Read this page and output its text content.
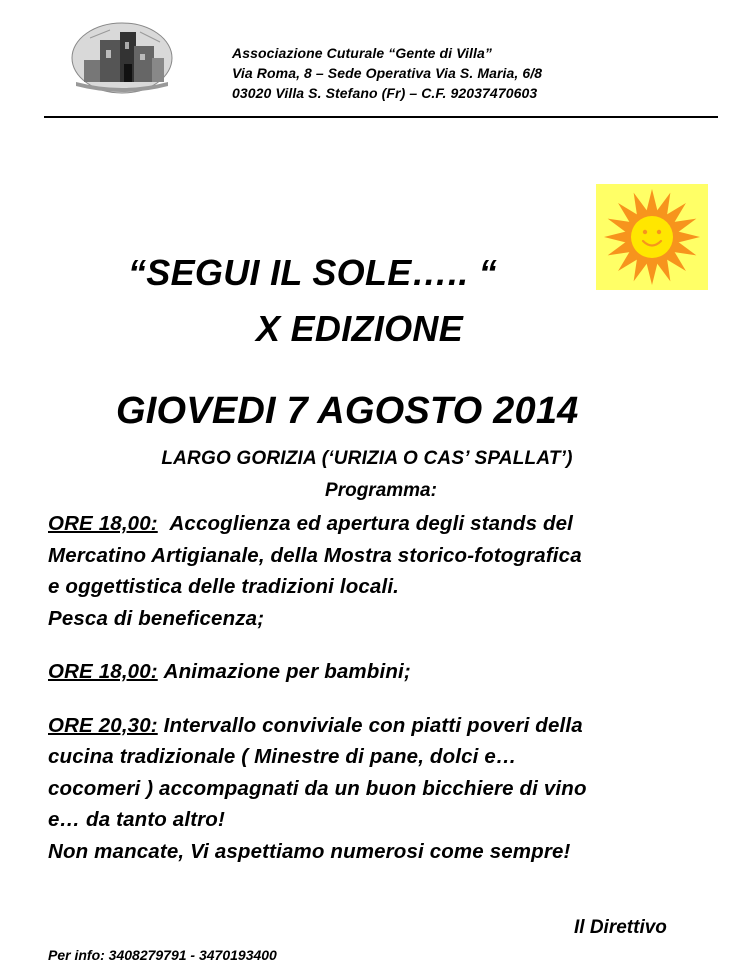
Associazione Cuturale “Gente di Villa”
Via Roma, 8 – Sede Operativa Via S. Maria, 6/8
03020 Villa S. Stefano (Fr) – C.F. 92037470603
“SEGUI IL SOLE….. “
X EDIZIONE
GIOVEDI 7 AGOSTO 2014
LARGO GORIZIA (‘URIZIA O CAS’ SPALLAT’)
Programma:
ORE 18,00: Accoglienza ed apertura degli stands del
Mercatino Artigianale, della Mostra storico-fotografica
e oggettistica delle tradizioni locali.
Pesca di beneficenza;
ORE 18,00: Animazione per bambini;
ORE 20,30: Intervallo conviviale con piatti poveri della
cucina tradizionale ( Minestre di pane, dolci e…
cocomeri ) accompagnati da un buon bicchiere di vino
e… da tanto altro!
Non mancate, Vi aspettiamo numerosi come sempre!
Il Direttivo
Per info: 3408279791 - 3470193400
